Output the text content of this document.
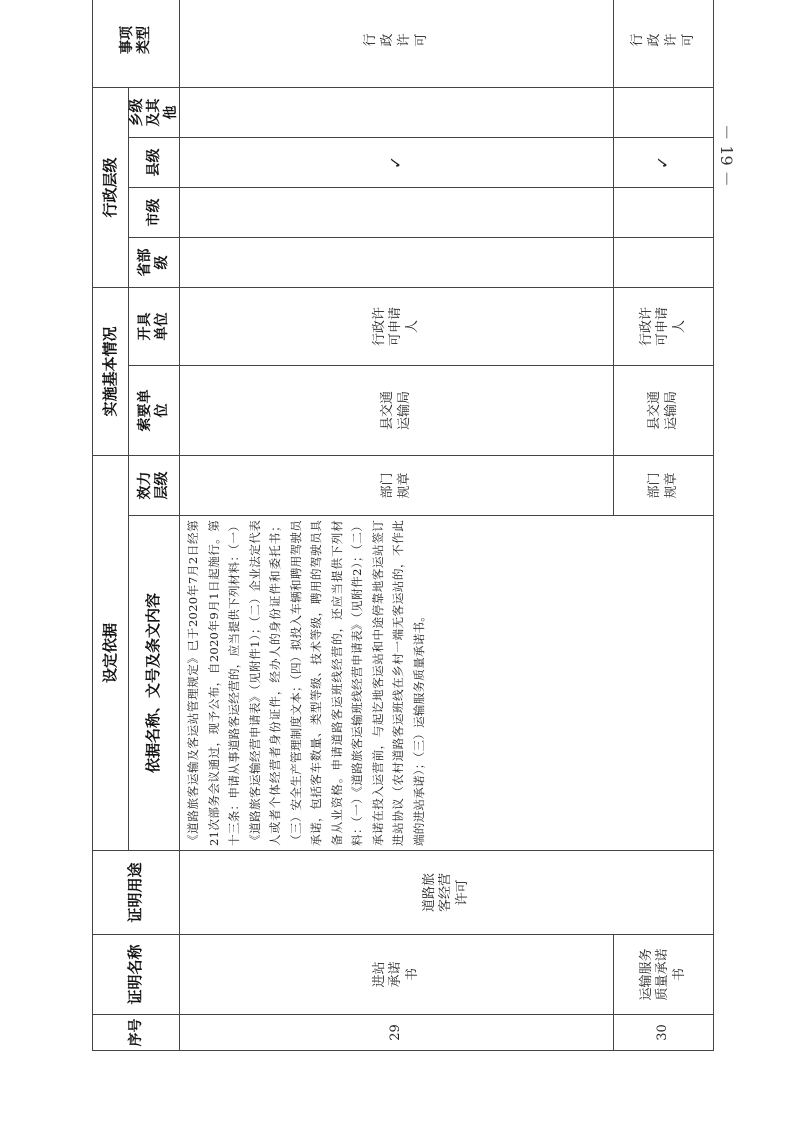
序号	证明名称	证明用途	设定依据		实施基本情况		行政层级				事项类型
			依据名称、文号及条文内容	效力层级	索要单位	开具单位	省部级	市级	县级	乡级及其他	
29	进站承诺书	道路旅客经营许可	《道路旅客运输及客运站管理规定》已于2020年7月2日经第21次部务会议通过，现予公布，自2020年9月1日起施行。第十三条：申请从事道路客运经营的，应当提供下列材料：（一）《道路旅客运输经营申请表》（见附件1）；（二）企业法定代表人或者个体经营者身份证件，经办人的身份证件和委托书；（三）安全生产管理制度文本；（四）拟投入车辆和聘用驾驶员承诺，包括客车数量、类型等级、技术等级，聘用的驾驶员具备从业资格。申请道路客运班线经营的，还应当提供下列材料：（一）《道路旅客运输班线经营申请表》（见附件2）；（二）承诺在投入运营前，与起讫地客运站和中途停靠地客运站签订进站协议（农村道路客运班线在乡村一端无客运站的，不作此端的进站承诺）；（三）运输服务质量承诺书。	部门规章	县交通运输局	行政许可申请人			✓		行政许可
30	运输服务质量承诺书			部门规章	县交通运输局	行政许可申请人			✓		行政许可
－ 19 －
